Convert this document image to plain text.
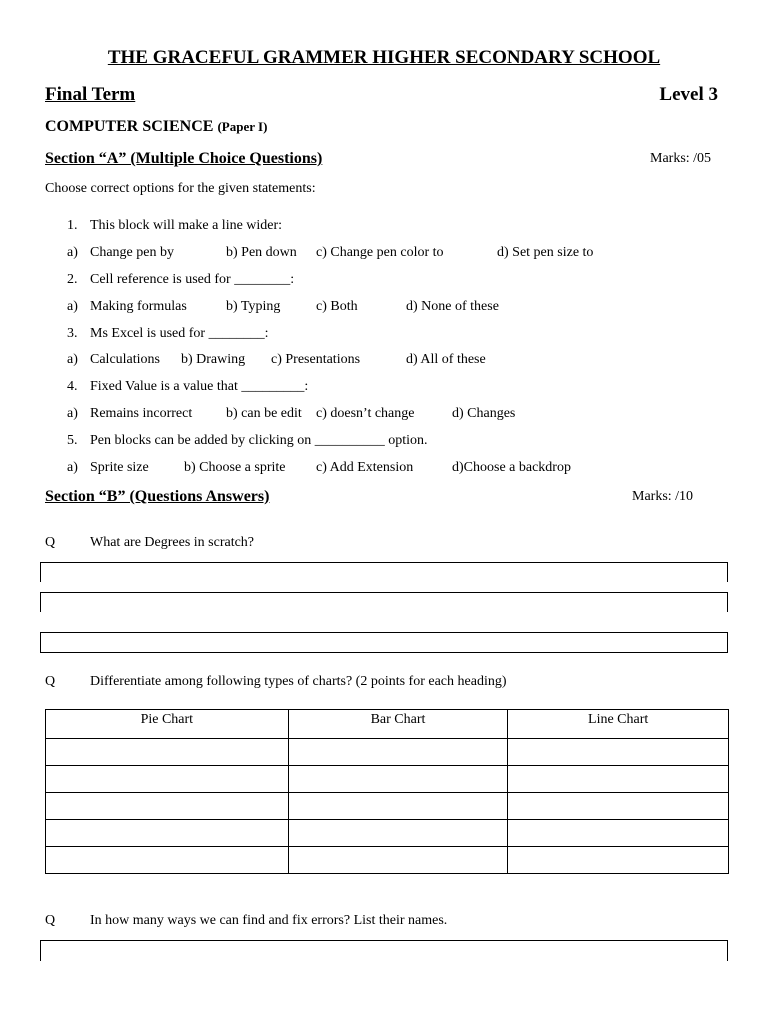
THE GRACEFUL GRAMMER HIGHER SECONDARY SCHOOL
Final Term	Level 3
COMPUTER SCIENCE (Paper I)
Section “A” (Multiple Choice Questions)	Marks: /05
Choose correct options for the given statements:
1. This block will make a line wider:
a) Change pen by	b) Pen down c) Change pen color to	d) Set pen size to
2. Cell reference is used for ________:
a) Making formulas	b) Typing	c) Both	d) None of these
3. Ms Excel is used for ________:
a) Calculations b) Drawing c) Presentations	d) All of these
4. Fixed Value is a value that _________:
a) Remains incorrect b) can be edit c) doesn’t change	d) Changes
5. Pen blocks can be added by clicking on __________ option.
a) Sprite size	b) Choose a sprite c) Add Extension	d)Choose a backdrop
Section “B” (Questions Answers)	Marks: /10
Q What are Degrees in scratch?
Q Differentiate among following types of charts? (2 points for each heading)
Pie Chart	Bar Chart	Line Chart

Q In how many ways we can find and fix errors? List their names.
